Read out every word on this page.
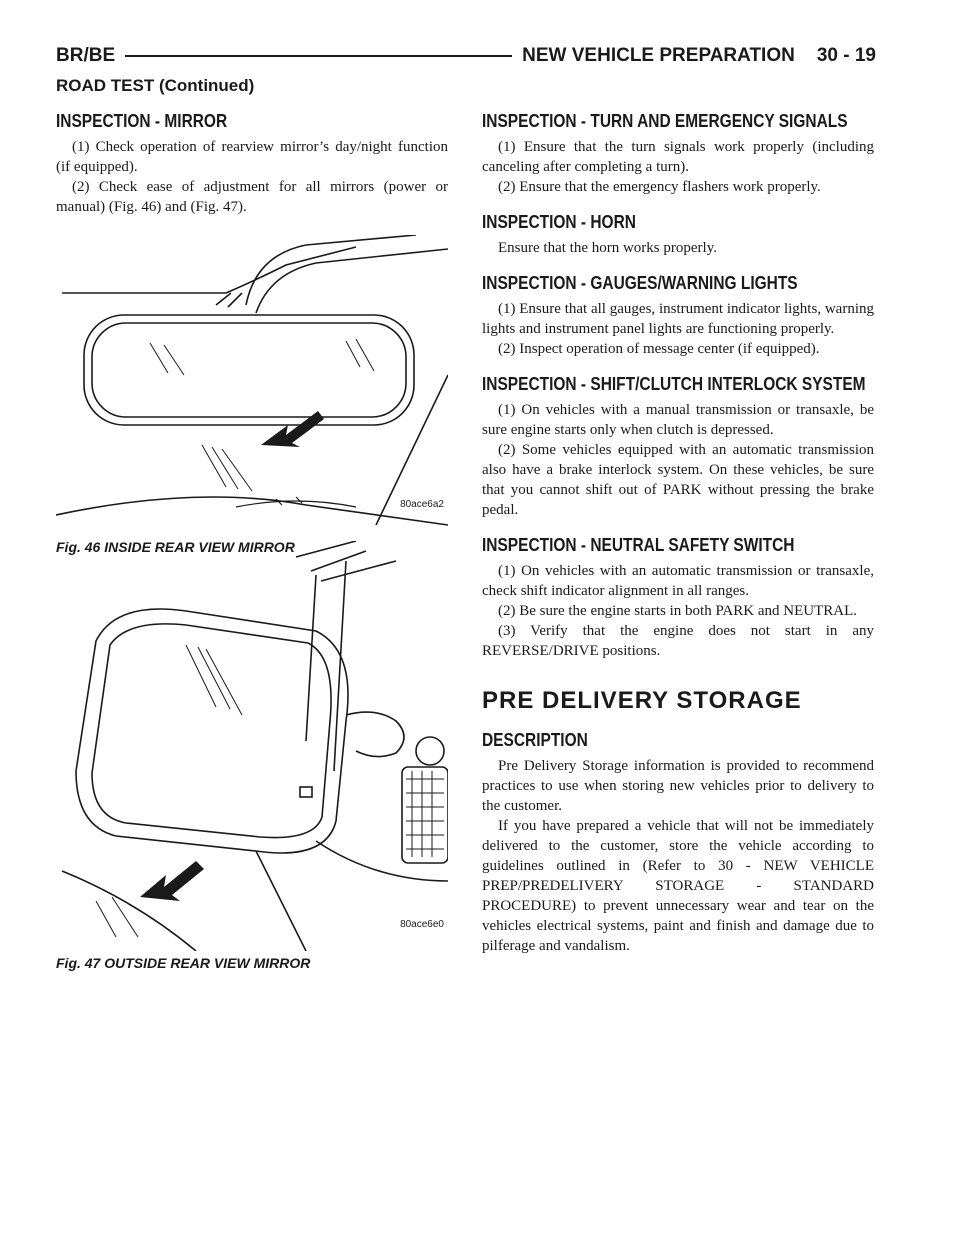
BR/BE	NEW VEHICLE PREPARATION 30 - 19
ROAD TEST (Continued)
INSPECTION - MIRROR

(1) Check operation of rearview mirror’s day/night function (if equipped).

(2) Check ease of adjustment for all mirrors (power or manual) (Fig. 46) and (Fig. 47).

80ace6a2
Fig. 46 INSIDE REAR VIEW MIRROR
80ace6e0
Fig. 47 OUTSIDE REAR VIEW MIRROR
INSPECTION - TURN AND EMERGENCY SIGNALS

(1) Ensure that the turn signals work properly (including canceling after completing a turn).

(2) Ensure that the emergency flashers work properly.

INSPECTION - HORN

Ensure that the horn works properly.

INSPECTION - GAUGES/WARNING LIGHTS

(1) Ensure that all gauges, instrument indicator lights, warning lights and instrument panel lights are functioning properly.

(2) Inspect operation of message center (if equipped).

INSPECTION - SHIFT/CLUTCH INTERLOCK SYSTEM

(1) On vehicles with a manual transmission or transaxle, be sure engine starts only when clutch is depressed.

(2) Some vehicles equipped with an automatic transmission also have a brake interlock system. On these vehicles, be sure that you cannot shift out of PARK without pressing the brake pedal.

INSPECTION - NEUTRAL SAFETY SWITCH

(1) On vehicles with an automatic transmission or transaxle, check shift indicator alignment in all ranges.

(2) Be sure the engine starts in both PARK and NEUTRAL.

(3) Verify that the engine does not start in any REVERSE/DRIVE positions.

PRE DELIVERY STORAGE
DESCRIPTION

Pre Delivery Storage information is provided to recommend practices to use when storing new vehicles prior to delivery to the customer.

If you have prepared a vehicle that will not be immediately delivered to the customer, store the vehicle according to guidelines outlined in (Refer to 30 - NEW VEHICLE PREP/PREDELIVERY STORAGE - STANDARD PROCEDURE) to prevent unnecessary wear and tear on the vehicles electrical systems, paint and finish and damage due to pilferage and vandalism.
